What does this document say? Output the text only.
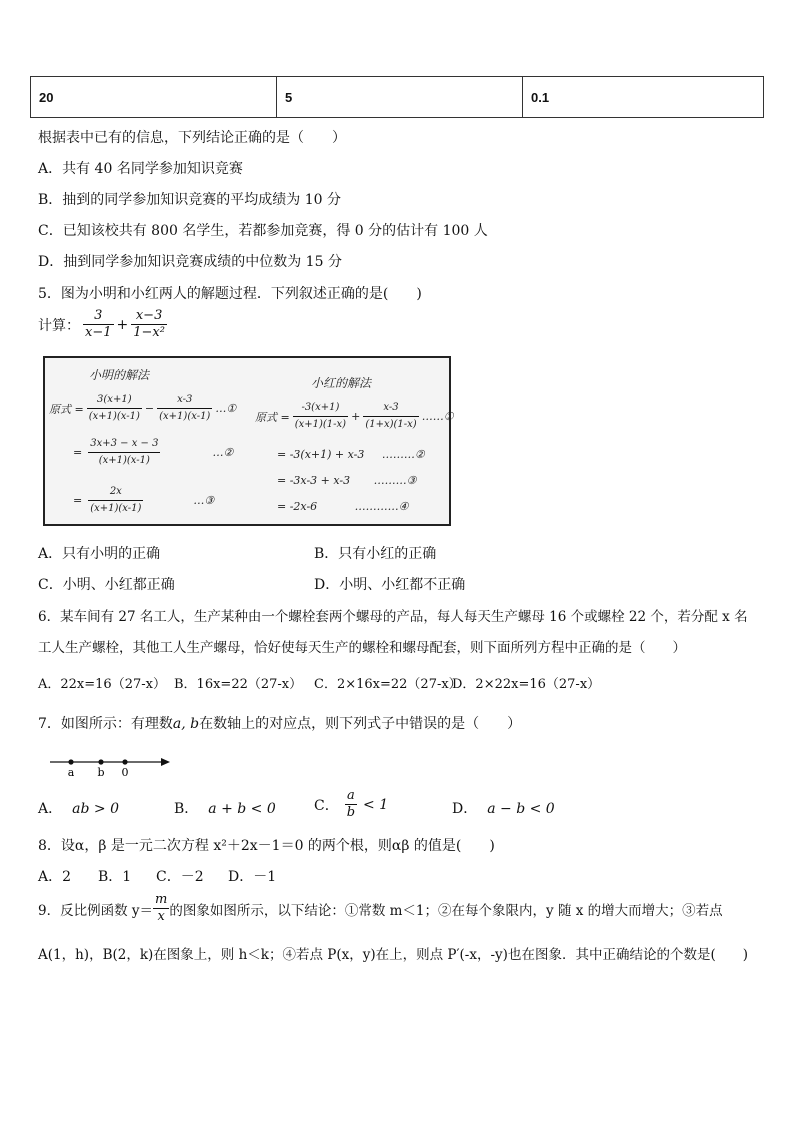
20	5	0.1
根据表中已有的信息，下列结论正确的是（　　）
A．共有 40 名同学参加知识竞赛
B．抽到的同学参加知识竞赛的平均成绩为 10 分
C．已知该校共有 800 名学生，若都参加竞赛，得 0 分的估计有 100 人
D．抽到同学参加知识竞赛成绩的中位数为 15 分
5．图为小明和小红两人的解题过程．下列叙述正确的是(　　)
计算： $\frac{3}{x-1} + \frac{x-3}{\text{1−x²}}$
小明的解法
原式 = $\frac{3(x+1)}{(x+1)(x-1)} - \frac{x-3}{(x+1)(x-1)}$ …①
= $\frac{3x+3 - x - 3}{(x+1)(x-1)}$	…②
= $\frac{2x}{(x+1)(x-1)}$	…③
小红的解法
原式 = $\frac{-3(x+1)}{(x+1)(1-x)} + \frac{x-3}{(1+x)(1-x)}$ ……①
= -3(x+1) + x-3 ………②
= -3x-3 + x-3 ………③
= -2x-6	…………④
A．只有小明的正确	B．只有小红的正确
C．小明、小红都正确	D．小明、小红都不正确
6．某车间有 27 名工人，生产某种由一个螺栓套两个螺母的产品，每人每天生产螺母 16 个或螺栓 22 个，若分配 x 名
工人生产螺栓，其他工人生产螺母，恰好使每天生产的螺栓和螺母配套，则下面所列方程中正确的是（　　）
A．22x=16（27-x） B．16x=22（27-x） C．2×16x=22（27-x）
D．2×22x=16（27-x）
7．如图所示：有理数a, b在数轴上的对应点，则下列式子中错误的是（　　）
a b 0
A． ab > 0	B． a + b < 0	C． $\frac{a}{b} < 1$	D． a − b < 0
8．设α，β 是一元二次方程 x²＋2x－1＝0 的两个根，则αβ 的值是(　　)
A．2 B．1 C．－2 D．－1
9．反比例函数 $y= \frac{m}{x}$ 的图象如图所示，以下结论：①常数 m＜1；②在每个象限内，y 随 x 的增大而增大；③若点
A(1，h)，B(2，k)在图象上，则 h＜k；④若点 P(x，y)在上，则点 P′(-x，-y)也在图象．其中正确结论的个数是(　　)
